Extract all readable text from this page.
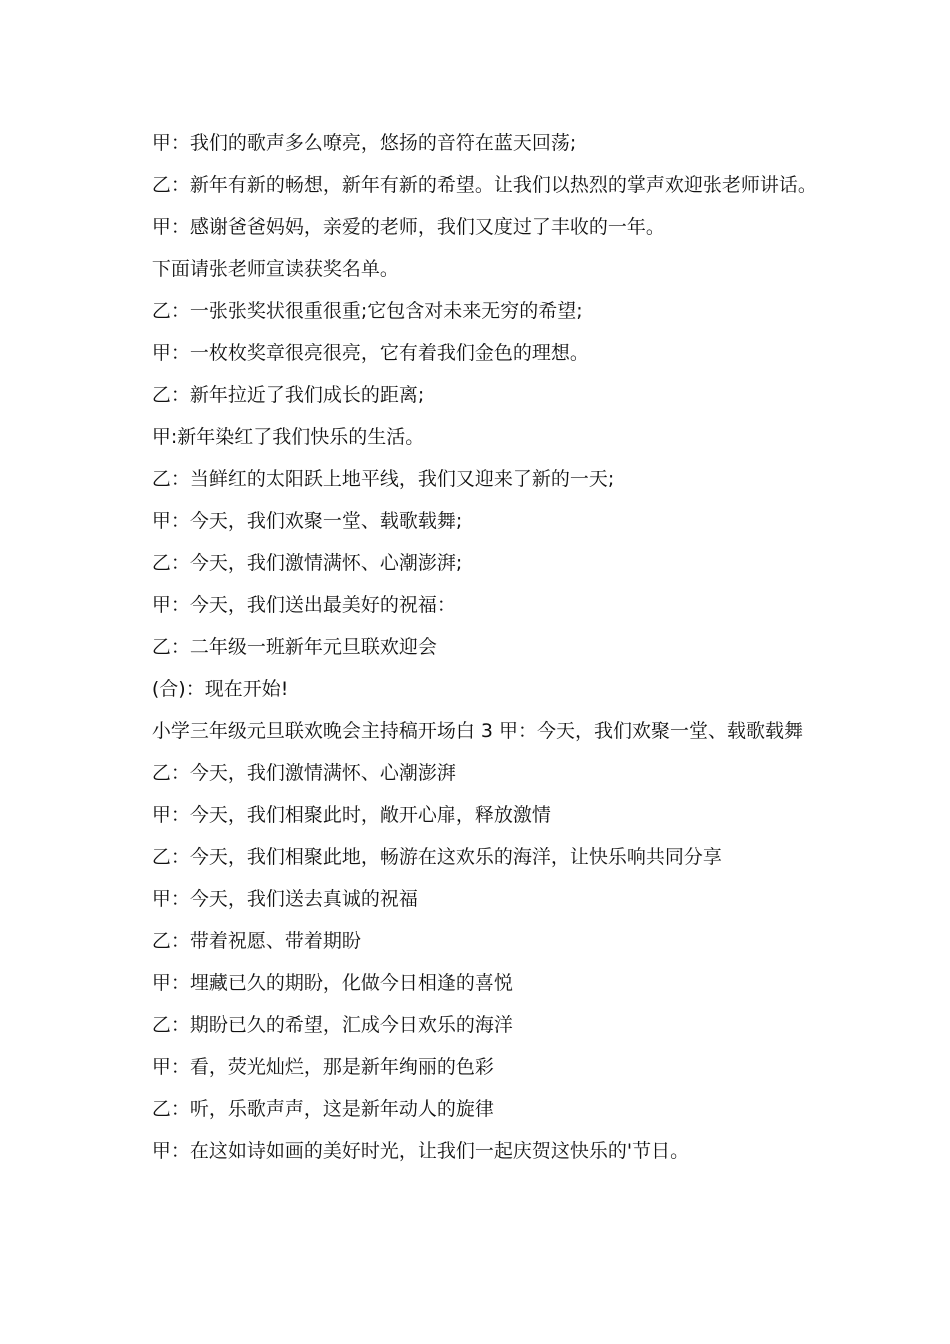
甲：我们的歌声多么嘹亮，悠扬的音符在蓝天回荡;

乙：新年有新的畅想，新年有新的希望。让我们以热烈的掌声欢迎张老师讲话。

甲：感谢爸爸妈妈，亲爱的老师，我们又度过了丰收的一年。

下面请张老师宣读获奖名单。

乙：一张张奖状很重很重;它包含对未来无穷的希望;

甲：一枚枚奖章很亮很亮，它有着我们金色的理想。

乙：新年拉近了我们成长的距离;

甲:新年染红了我们快乐的生活。

乙：当鲜红的太阳跃上地平线，我们又迎来了新的一天;

甲：今天，我们欢聚一堂、载歌载舞;

乙：今天，我们激情满怀、心潮澎湃;

甲：今天，我们送出最美好的祝福：

乙：二年级一班新年元旦联欢迎会

(合)：现在开始!

小学三年级元旦联欢晚会主持稿开场白 3 甲：今天，我们欢聚一堂、载歌载舞

乙：今天，我们激情满怀、心潮澎湃

甲：今天，我们相聚此时，敞开心扉，释放激情

乙：今天，我们相聚此地，畅游在这欢乐的海洋，让快乐响共同分享

甲：今天，我们送去真诚的祝福

乙：带着祝愿、带着期盼

甲：埋藏已久的期盼，化做今日相逢的喜悦

乙：期盼已久的希望，汇成今日欢乐的海洋

甲：看，荧光灿烂，那是新年绚丽的色彩

乙：听，乐歌声声，这是新年动人的旋律

甲：在这如诗如画的美好时光，让我们一起庆贺这快乐的'节日。
